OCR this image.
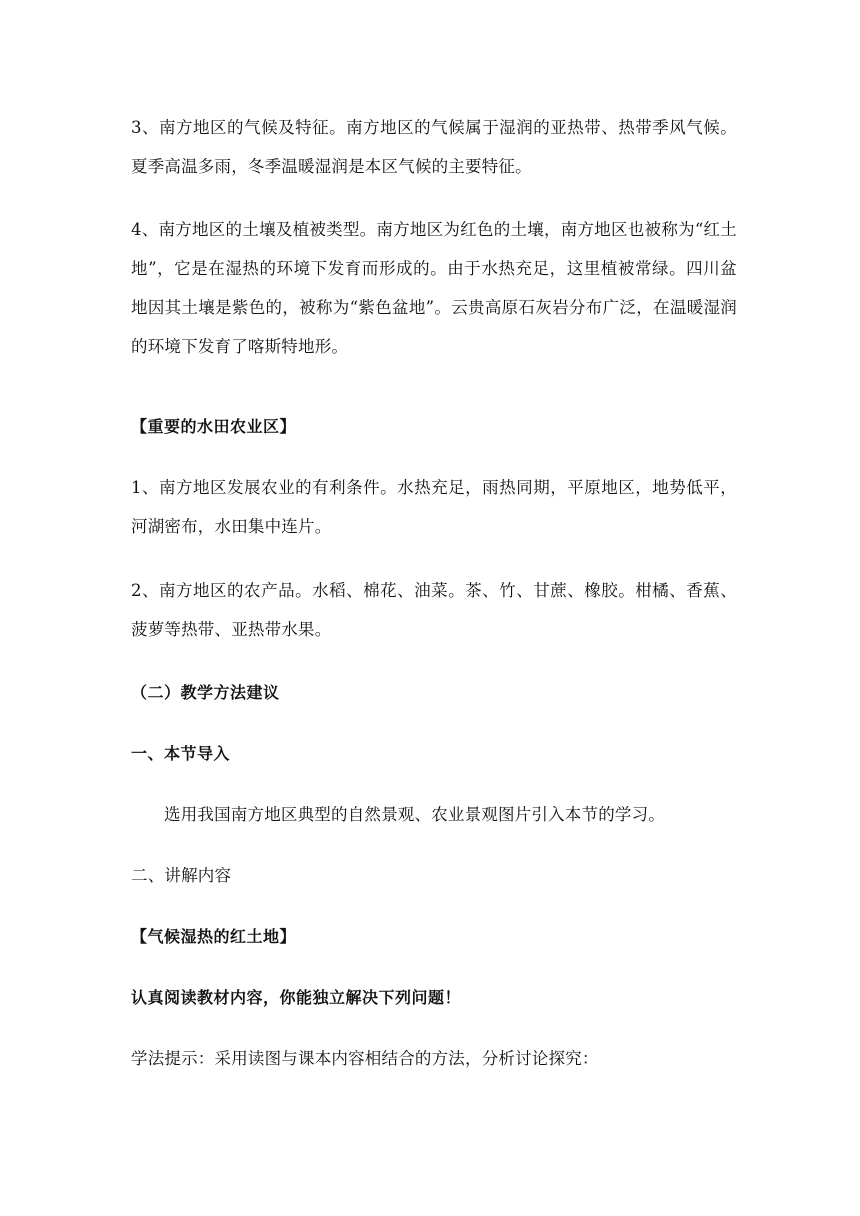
3、南方地区的气候及特征。南方地区的气候属于湿润的亚热带、热带季风气候。夏季高温多雨，冬季温暖湿润是本区气候的主要特征。

4、南方地区的土壤及植被类型。南方地区为红色的土壤，南方地区也被称为“红土地”，它是在湿热的环境下发育而形成的。由于水热充足，这里植被常绿。四川盆地因其土壤是紫色的，被称为“紫色盆地”。云贵高原石灰岩分布广泛，在温暖湿润的环境下发育了喀斯特地形。

【重要的水田农业区】

1、南方地区发展农业的有利条件。水热充足，雨热同期，平原地区，地势低平，河湖密布，水田集中连片。

2、南方地区的农产品。水稻、棉花、油菜。茶、竹、甘蔗、橡胶。柑橘、香蕉、菠萝等热带、亚热带水果。

（二）教学方法建议

一、本节导入

选用我国南方地区典型的自然景观、农业景观图片引入本节的学习。

二、讲解内容

【气候湿热的红土地】

认真阅读教材内容，你能独立解决下列问题！

学法提示：采用读图与课本内容相结合的方法，分析讨论探究：
